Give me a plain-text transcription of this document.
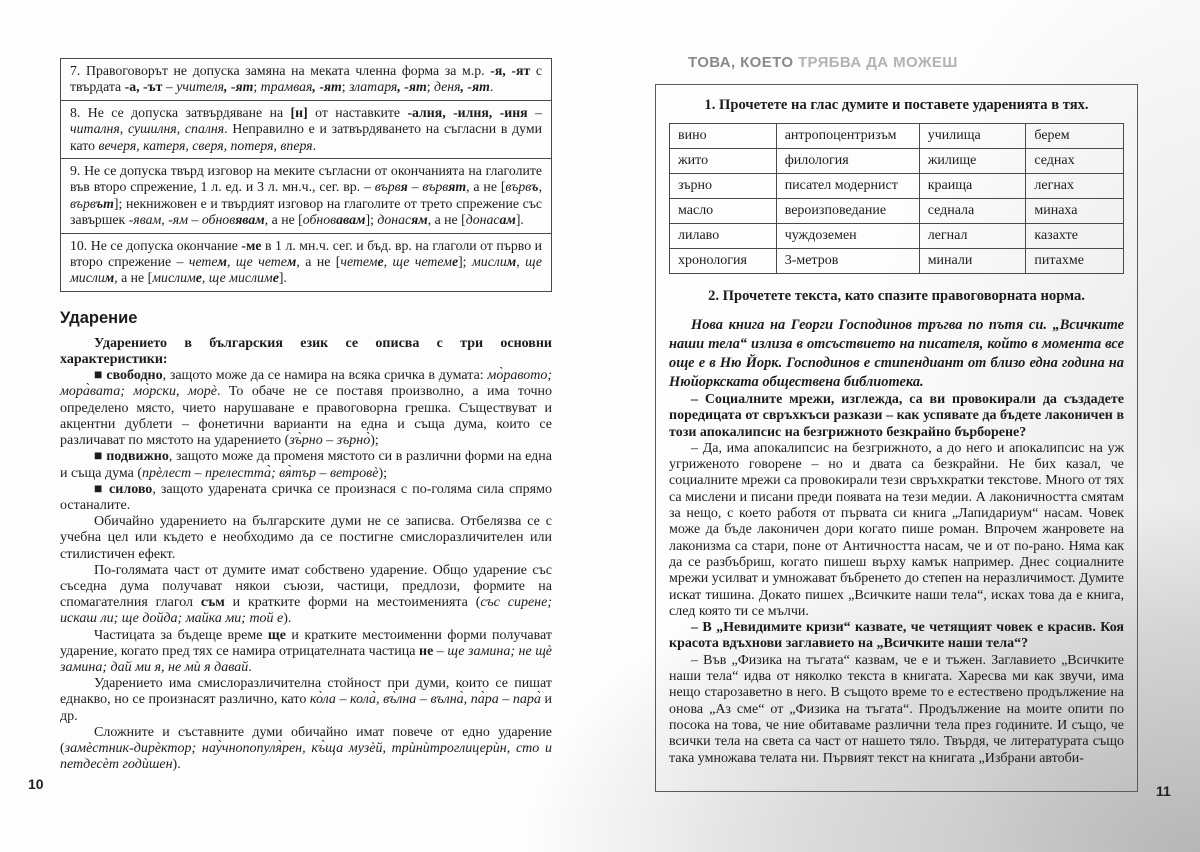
7. Правоговорът не допуска замяна на меката членна форма за м.р. -я, -ят с твърдата -а, -ът – учителя, -ят; трамвая, -ят; златаря, -ят; деня, -ят.
8. Не се допуска затвърдяване на [н] от наставките -алня, -илня, -иня – читалня, сушилня, спалня. Неправилно е и затвърдяването на съгласни в думи като вечеря, катеря, сверя, потеря, вперя.
9. Не се допуска твърд изговор на меките съгласни от окончанията на глаголите във второ спрежение, 1 л. ед. и 3 л. мн.ч., сег. вр. – вървя – вървят, а не [вървъ, вървът]; некнижовен е и твърдият изговор на глаголите от трето спрежение със завършек -явам, -ям – обновявам, а не [обновавам]; донасям, а не [донасам].
10. Не се допуска окончание -ме в 1 л. мн.ч. сег. и бъд. вр. на глаголи от първо и второ спрежение – четем, ще четем, а не [четеме, ще четеме]; мислим, ще мислим, а не [мислиме, ще мислиме].
Ударение

Ударението в българския език се описва с три основни характеристики:

■ свободно, защото може да се намира на всяка сричка в думата: мо̀равото; мора̀вата; мо̀рски, морѐ. То обаче не се поставя произволно, а има точно определено място, чието нарушаване е правоговорна грешка. Съществуват и акцентни дублети – фонетични варианти на една и съща дума, които се различават по мястото на ударението (зъ̀рно – зърно̀);

■ подвижно, защото може да променя мястото си в различни форми на една и съща дума (прѐлест – прелестта̀; вя̀тър – ветровѐ);

■ силово, защото ударената сричка се произнася с по-голяма сила спрямо останалите.

Обичайно ударението на българските думи не се записва. Отбелязва се с учебна цел или където е необходимо да се постигне смислоразличителен или стилистичен ефект.

По-голямата част от думите имат собствено ударение. Общо ударение със съседна дума получават някои съюзи, частици, предлози, формите на спомагателния глагол съм и кратките форми на местоименията (със сирене; искаш ли; ще дойда; майка ми; той е).

Частицата за бъдеще време ще и кратките местоименни форми получават ударение, когато пред тях се намира отрицателната частица не – ще замина; не щѐ замина; дай ми я, не мѝ я давай.

Ударението има смислоразличителна стойност при думи, които се пишат еднакво, но се произнасят различно, като ко̀ла – кола̀, въ̀лна – вълна̀, па̀ра – пара̀ и др.

Сложните и съставните думи обичайно имат повече от едно ударение (замѐстник-дирѐктор; нау̀чнопопуля̀рен, къ̀ща музѐй, трѝнѝтроглицерѝн, сто и петдесѐт годѝшен).

10
ТОВА, КОЕТО ТРЯБВА ДА МОЖЕШ

1. Прочетете на глас думите и поставете ударенията в тях.

вино	антропоцентризъм	училища	берем
жито	филология	жилище	седнах
зърно	писател модернист	краища	легнах
масло	вероизповедание	седнала	минаха
лилаво	чуждоземен	легнал	казахте
хронология	3-метров	минали	питахме

2. Прочетете текста, като спазите правоговорната норма.

Нова книга на Георги Господинов тръгва по пътя си. „Всичките наши тела“ излиза в отсъствието на писателя, който в момента все още е в Ню Йорк. Господинов е стипендиант от близо една година на Нюйоркската обществена библиотека.

– Социалните мрежи, изглежда, са ви провокирали да създадете поредицата от свръхкъси разкази – как успявате да бъдете лаконичен в този апокалипсис на безгрижното безкрайно бърборене?

– Да, има апокалипсис на безгрижното, а до него и апокалипсис на уж угриженото говорене – но и двата са безкрайни. Не бих казал, че социалните мрежи са провокирали тези свръхкратки текстове. Много от тях са мислени и писани преди появата на тези медии. А лаконичността смятам за нещо, с което работя от първата си книга „Лапидариум“ насам. Човек може да бъде лаконичен дори когато пише роман. Впрочем жанровете на лаконизма са стари, поне от Античността насам, че и от по-рано. Няма как да се разбъбриш, когато пишеш върху камък например. Днес социалните мрежи усилват и умножават бъбренето до степен на неразличимост. Думите искат тишина. Докато пишех „Всичките наши тела“, исках това да е книга, след която ти се мълчи.

– В „Невидимите кризи“ казвате, че четящият човек е красив. Коя красота вдъхнови заглавието на „Всичките наши тела“?

– Във „Физика на тъгата“ казвам, че е и тъжен. Заглавието „Всичките наши тела“ идва от няколко текста в книгата. Харесва ми как звучи, има нещо старозаветно в него. В същото време то е естествено продължение на онова „Аз сме“ от „Физика на тъгата“. Продължение на моите опити по посока на това, че ние обитаваме различни тела през годините. И също, че всички тела на света са част от нашето тяло. Твърдя, че литературата също така умножава телата ни. Първият текст на книгата „Избрани автоби-

11
